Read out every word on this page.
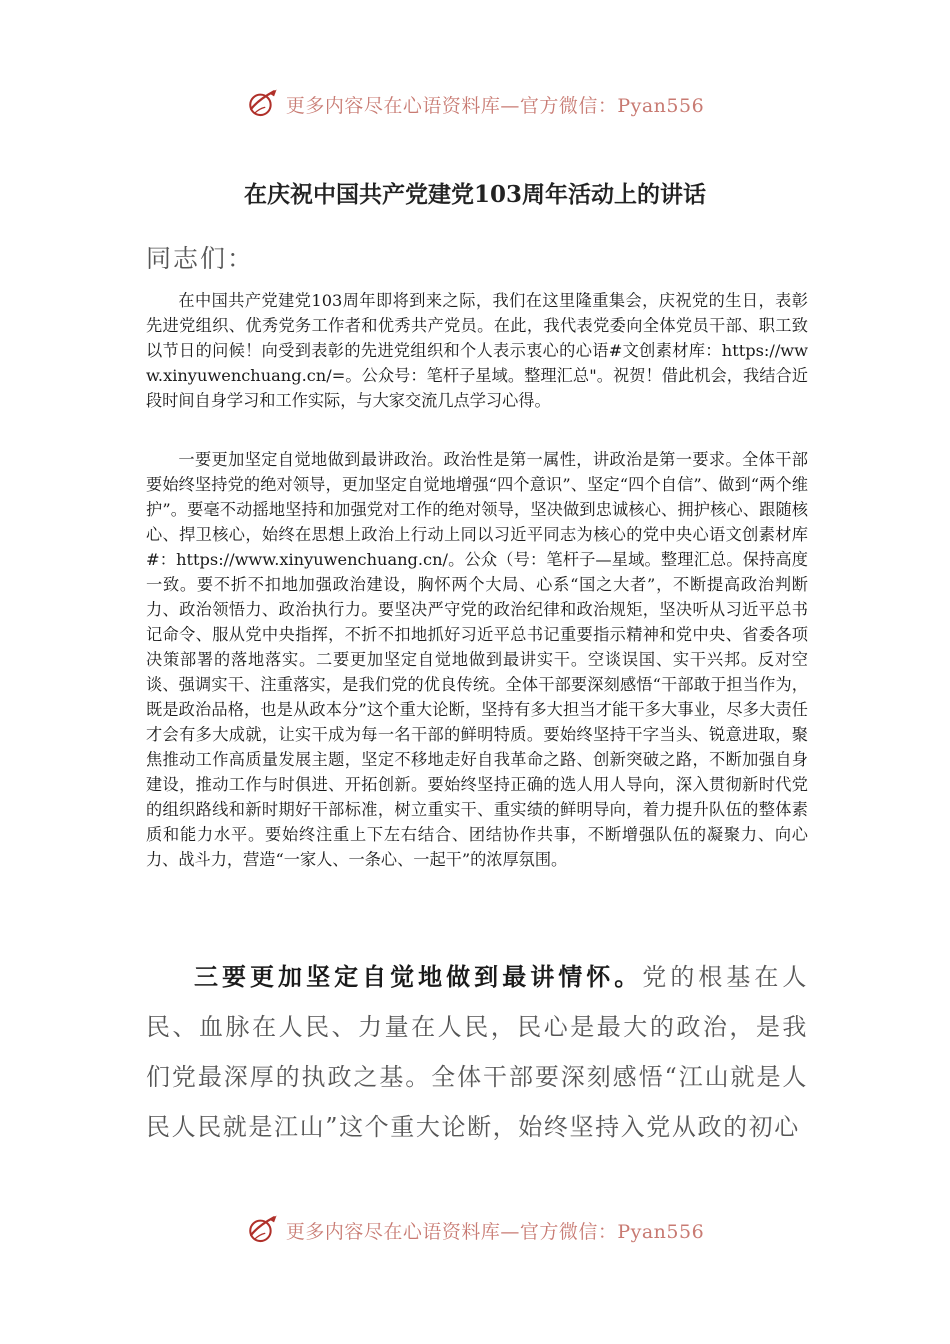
更多内容尽在心语资料库—官方微信：Pyan556
在庆祝中国共产党建党103周年活动上的讲话

同志们：

在中国共产党建党103周年即将到来之际，我们在这里隆重集会，庆祝党的生日，表彰先进党组织、优秀党务工作者和优秀共产党员。在此，我代表党委向全体党员干部、职工致以节日的问候！向受到表彰的先进党组织和个人表示衷心的心语#文创素材库：https://www.xinyuwenchuang.cn/=。公众号：笔杆子星域。整理汇总"。祝贺！借此机会，我结合近段时间自身学习和工作实际，与大家交流几点学习心得。

一要更加坚定自觉地做到最讲政治。政治性是第一属性，讲政治是第一要求。全体干部要始终坚持党的绝对领导，更加坚定自觉地增强“四个意识”、坚定“四个自信”、做到“两个维护”。要毫不动摇地坚持和加强党对工作的绝对领导，坚决做到忠诚核心、拥护核心、跟随核心、捍卫核心，始终在思想上政治上行动上同以习近平同志为核心的党中央心语文创素材库#：https://www.xinyuwenchuang.cn/。公众（号：笔杆子—星域。整理汇总。保持高度一致。要不折不扣地加强政治建设，胸怀两个大局、心系“国之大者”，不断提高政治判断力、政治领悟力、政治执行力。要坚决严守党的政治纪律和政治规矩，坚决听从习近平总书记命令、服从党中央指挥，不折不扣地抓好习近平总书记重要指示精神和党中央、省委各项决策部署的落地落实。二要更加坚定自觉地做到最讲实干。空谈误国、实干兴邦。反对空谈、强调实干、注重落实，是我们党的优良传统。全体干部要深刻感悟“干部敢于担当作为，既是政治品格，也是从政本分”这个重大论断，坚持有多大担当才能干多大事业，尽多大责任才会有多大成就，让实干成为每一名干部的鲜明特质。要始终坚持干字当头、锐意进取，聚焦推动工作高质量发展主题，坚定不移地走好自我革命之路、创新突破之路，不断加强自身建设，推动工作与时俱进、开拓创新。要始终坚持正确的选人用人导向，深入贯彻新时代党的组织路线和新时期好干部标准，树立重实干、重实绩的鲜明导向，着力提升队伍的整体素质和能力水平。要始终注重上下左右结合、团结协作共事，不断增强队伍的凝聚力、向心力、战斗力，营造“一家人、一条心、一起干”的浓厚氛围。

三要更加坚定自觉地做到最讲情怀。党的根基在人民、血脉在人民、力量在人民，民心是最大的政治，是我们党最深厚的执政之基。全体干部要深刻感悟“江山就是人民人民就是江山”这个重大论断，始终坚持入党从政的初心

更多内容尽在心语资料库—官方微信：Pyan556
